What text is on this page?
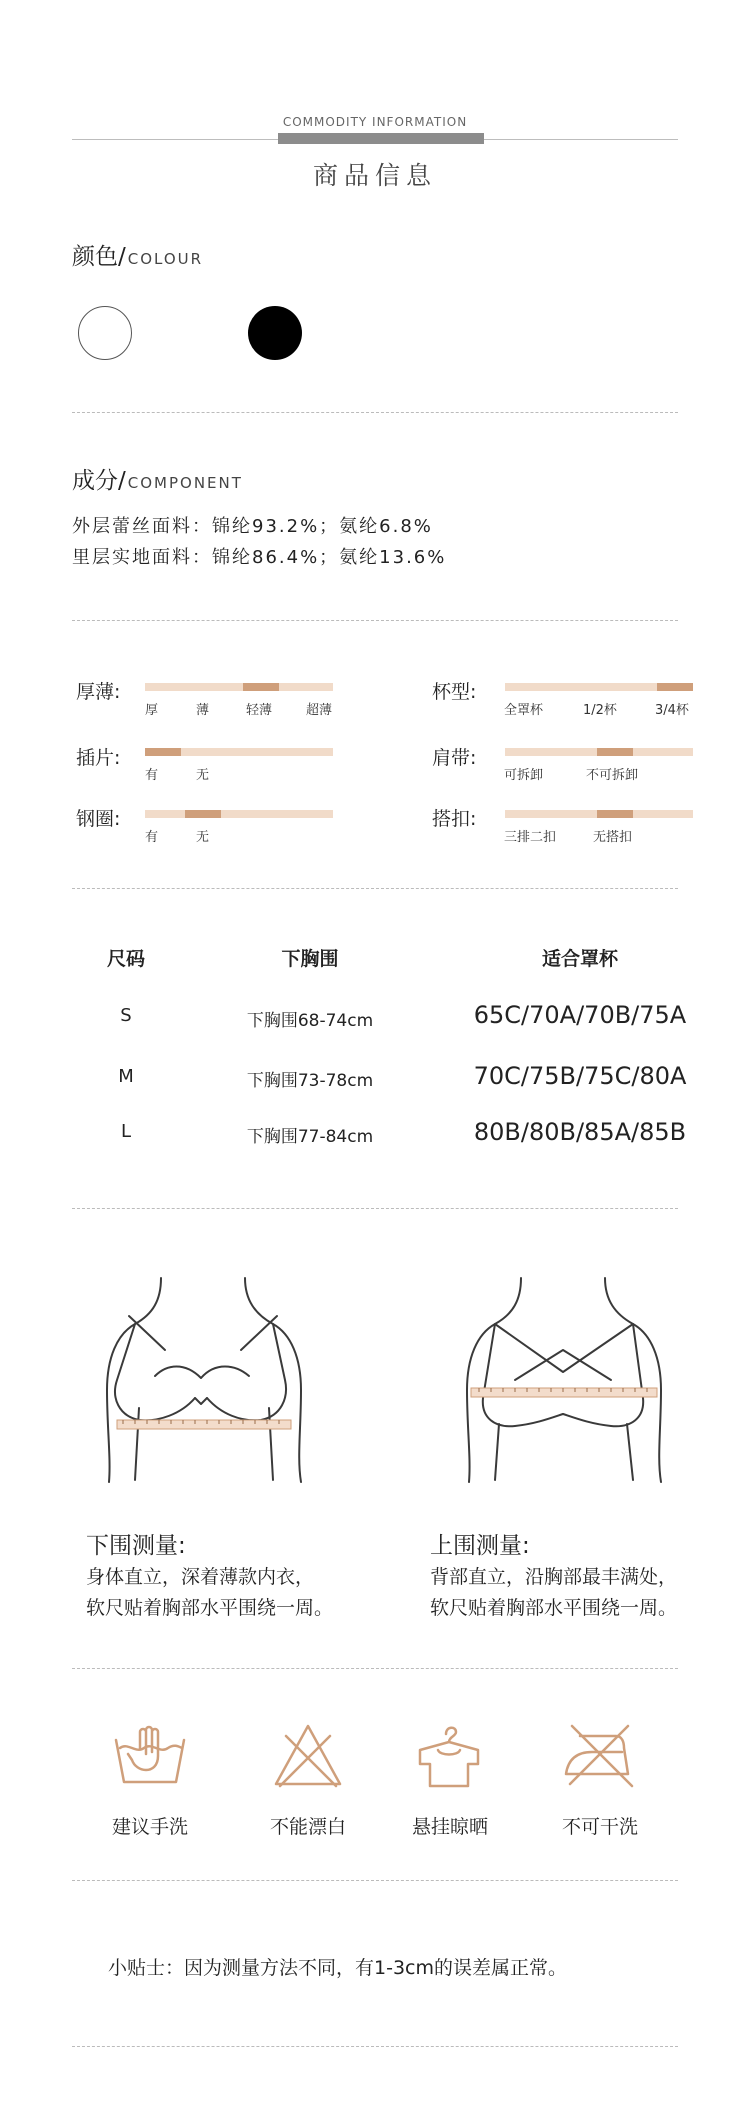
COMMODITY INFORMATION
商品信息
颜色/ COLOUR
成分/ COMPONENT
外层蕾丝面料：锦纶93.2%；氨纶6.8%
里层实地面料：锦纶86.4%；氨纶13.6%
厚薄:
厚	薄	轻薄	超薄
杯型:
全罩杯	1/2杯	3/4杯
插片:
有	无
肩带:
可拆卸	不可拆卸
钢圈:
有	无
搭扣:
三排二扣	无搭扣
尺码	下胸围	适合罩杯
S	下胸围68-74cm	65C/70A/70B/75A
M	下胸围73-78cm	70C/75B/75C/80A
L	下胸围77-84cm	80B/80B/85A/85B
下围测量:
身体直立，深着薄款内衣，
软尺贴着胸部水平围绕一周。
上围测量:
背部直立，沿胸部最丰满处，
软尺贴着胸部水平围绕一周。
建议手洗	不能漂白	悬挂晾晒	不可干洗
小贴士：因为测量方法不同，有1-3cm的误差属正常。
